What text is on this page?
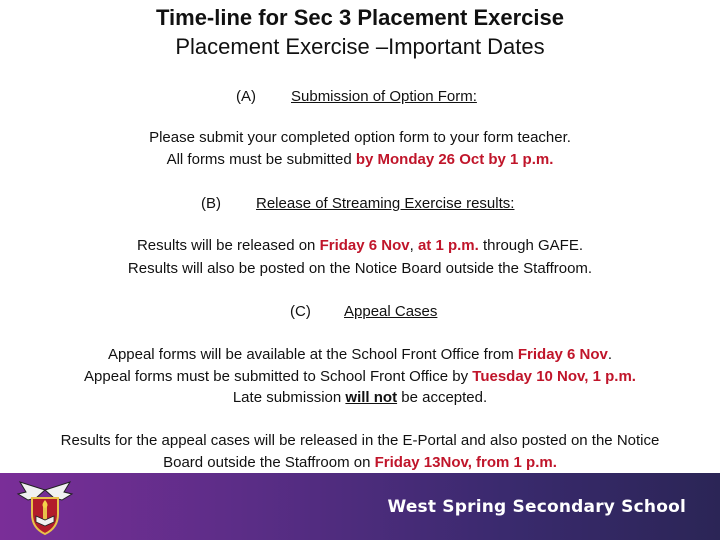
Time-line for Sec 3 Placement Exercise
Placement Exercise –Important Dates
(A) Submission of Option Form:
Please submit your completed option form to your form teacher.
All forms must be submitted by Monday 26 Oct by 1 p.m.
(B) Release of Streaming Exercise results:
Results will be released on Friday 6 Nov, at 1 p.m. through GAFE.
Results will also be posted on the Notice Board outside the Staffroom.
(C) Appeal Cases
Appeal forms will be available at the School Front Office from Friday 6 Nov.
Appeal forms must be submitted to School Front Office by Tuesday 10 Nov, 1 p.m.
Late submission will not be accepted.
Results for the appeal cases will be released in the E-Portal and also posted on the Notice
Board outside the Staffroom on Friday 13Nov, from 1 p.m.
West Spring Secondary School
